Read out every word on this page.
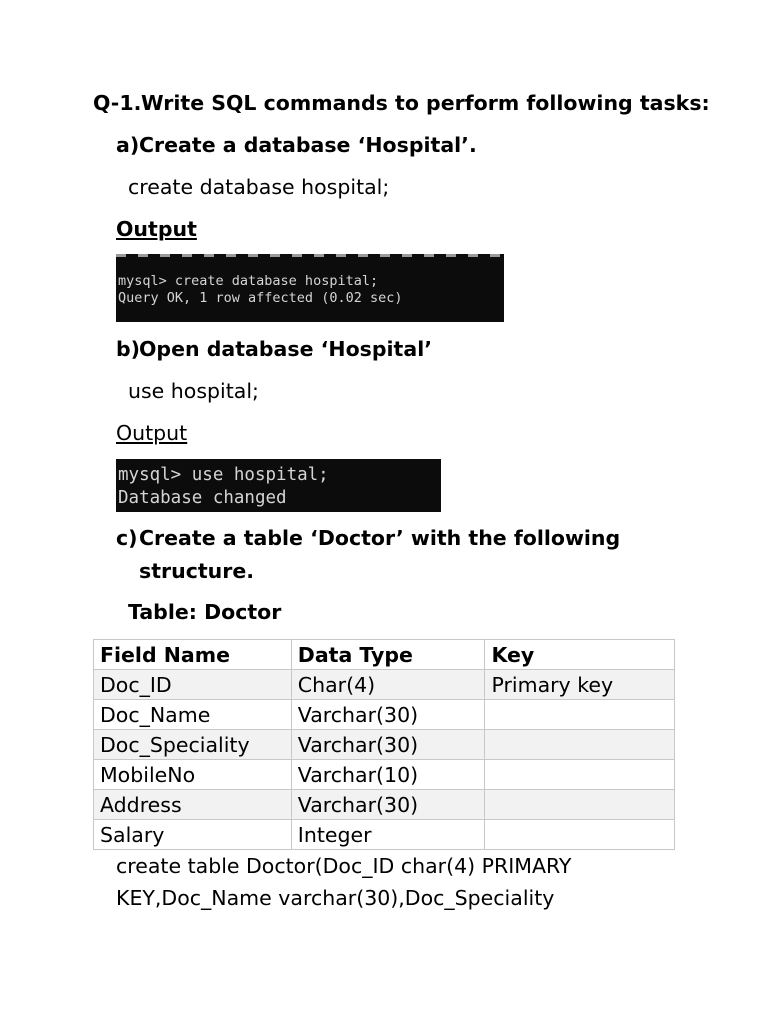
Q-1. Write SQL commands to perform following tasks:
a) Create a database ‘Hospital’.
create database hospital;
Output
mysql> create database hospital;
Query OK, 1 row affected (0.02 sec)
b)
Open database ‘Hospital’
use hospital;
Output
mysql> use hospital;
Database changed
c) Create a table ‘Doctor’ with the following
structure.
Table: Doctor
Field Name	Data Type	Key
Doc_ID	Char(4)	Primary key
Doc_Name	Varchar(30)	
Doc_Speciality	Varchar(30)	
MobileNo	Varchar(10)	
Address	Varchar(30)	
Salary	Integer	
create table Doctor(Doc_ID char(4) PRIMARY
KEY,Doc_Name varchar(30),Doc_Speciality
